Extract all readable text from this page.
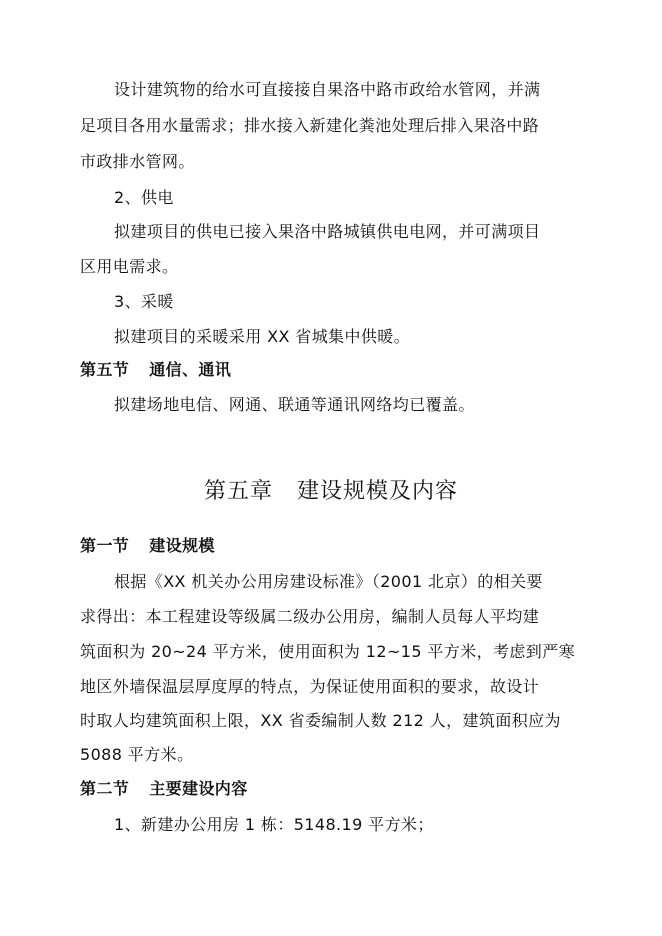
设计建筑物的给水可直接接自果洛中路市政给水管网，并满
足项目各用水量需求；排水接入新建化粪池处理后排入果洛中路
市政排水管网。
2、供电
拟建项目的供电已接入果洛中路城镇供电电网，并可满项目
区用电需求。
3、采暖
拟建项目的采暖采用 XX 省城集中供暖。
第五节 通信、通讯
拟建场地电信、网通、联通等通讯网络均已覆盖。
第五章 建设规模及内容
第一节 建设规模
根据《XX 机关办公用房建设标准》（2001 北京）的相关要
求得出：本工程建设等级属二级办公用房，编制人员每人平均建
筑面积为 20~24 平方米，使用面积为 12~15 平方米，考虑到严寒
地区外墙保温层厚度厚的特点，为保证使用面积的要求，故设计
时取人均建筑面积上限，XX 省委编制人数 212 人，建筑面积应为
5088 平方米。
第二节 主要建设内容
1、新建办公用房 1 栋：5148.19 平方米；
